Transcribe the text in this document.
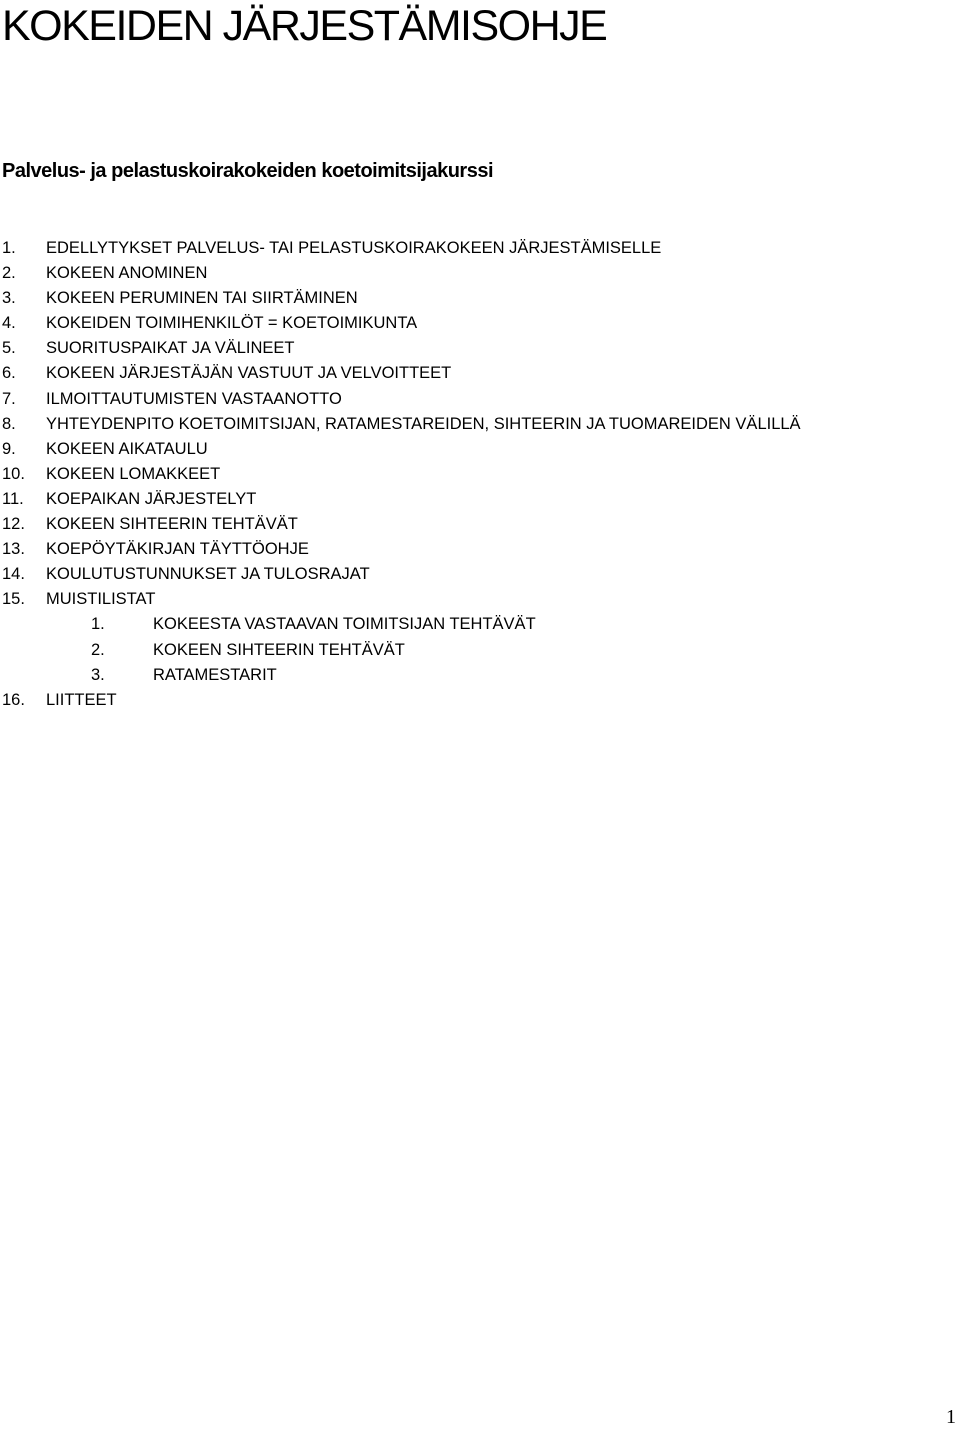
KOKEIDEN JÄRJESTÄMISOHJE
Palvelus- ja pelastuskoirakokeiden koetoimitsijakurssi
1. EDELLYTYKSET PALVELUS- TAI PELASTUSKOIRAKOKEEN JÄRJESTÄMISELLE
2. KOKEEN ANOMINEN
3. KOKEEN PERUMINEN TAI SIIRTÄMINEN
4. KOKEIDEN TOIMIHENKILÖT = KOETOIMIKUNTA
5. SUORITUSPAIKAT JA VÄLINEET
6. KOKEEN JÄRJESTÄJÄN VASTUUT JA VELVOITTEET
7. ILMOITTAUTUMISTEN VASTAANOTTO
8. YHTEYDENPITO KOETOIMITSIJAN, RATAMESTAREIDEN, SIHTEERIN JA TUOMAREIDEN VÄLILLÄ
9. KOKEEN AIKATAULU
10. KOKEEN LOMAKKEET
11. KOEPAIKAN JÄRJESTELYT
12. KOKEEN SIHTEERIN TEHTÄVÄT
13. KOEPÖYTÄKIRJAN TÄYTTÖOHJE
14. KOULUTUSTUNNUKSET JA TULOSRAJAT
15. MUISTILISTAT
1.	KOKEESTA VASTAAVAN TOIMITSIJAN TEHTÄVÄT
2.	KOKEEN SIHTEERIN TEHTÄVÄT
3.	RATAMESTARIT
16. LIITTEET
1
